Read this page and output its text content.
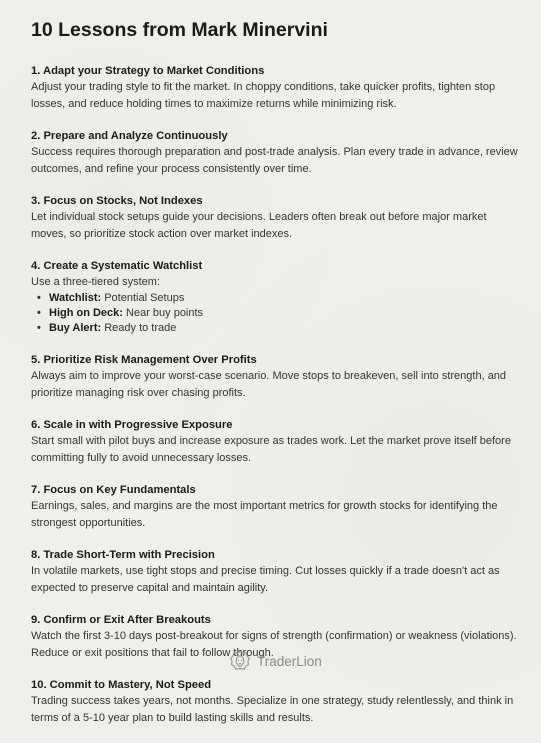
10 Lessons from Mark Minervini
1. Adapt your Strategy to Market Conditions
Adjust your trading style to fit the market. In choppy conditions, take quicker profits, tighten stop losses, and reduce holding times to maximize returns while minimizing risk.
2. Prepare and Analyze Continuously
Success requires thorough preparation and post-trade analysis. Plan every trade in advance, review outcomes, and refine your process consistently over time.
3. Focus on Stocks, Not Indexes
Let individual stock setups guide your decisions. Leaders often break out before major market moves, so prioritize stock action over market indexes.
4. Create a Systematic Watchlist
Use a three-tiered system:
• Watchlist: Potential Setups
• High on Deck: Near buy points
• Buy Alert: Ready to trade
5. Prioritize Risk Management Over Profits
Always aim to improve your worst-case scenario. Move stops to breakeven, sell into strength, and prioritize managing risk over chasing profits.
6. Scale in with Progressive Exposure
Start small with pilot buys and increase exposure as trades work. Let the market prove itself before committing fully to avoid unnecessary losses.
7. Focus on Key Fundamentals
Earnings, sales, and margins are the most important metrics for growth stocks for identifying the strongest opportunities.
8. Trade Short-Term with Precision
In volatile markets, use tight stops and precise timing. Cut losses quickly if a trade doesn't act as expected to preserve capital and maintain agility.
9. Confirm or Exit After Breakouts
Watch the first 3-10 days post-breakout for signs of strength (confirmation) or weakness (violations). Reduce or exit positions that fail to follow through.
10. Commit to Mastery, Not Speed
Trading success takes years, not months. Specialize in one strategy, study relentlessly, and think in terms of a 5-10 year plan to build lasting skills and results.
TraderLion
